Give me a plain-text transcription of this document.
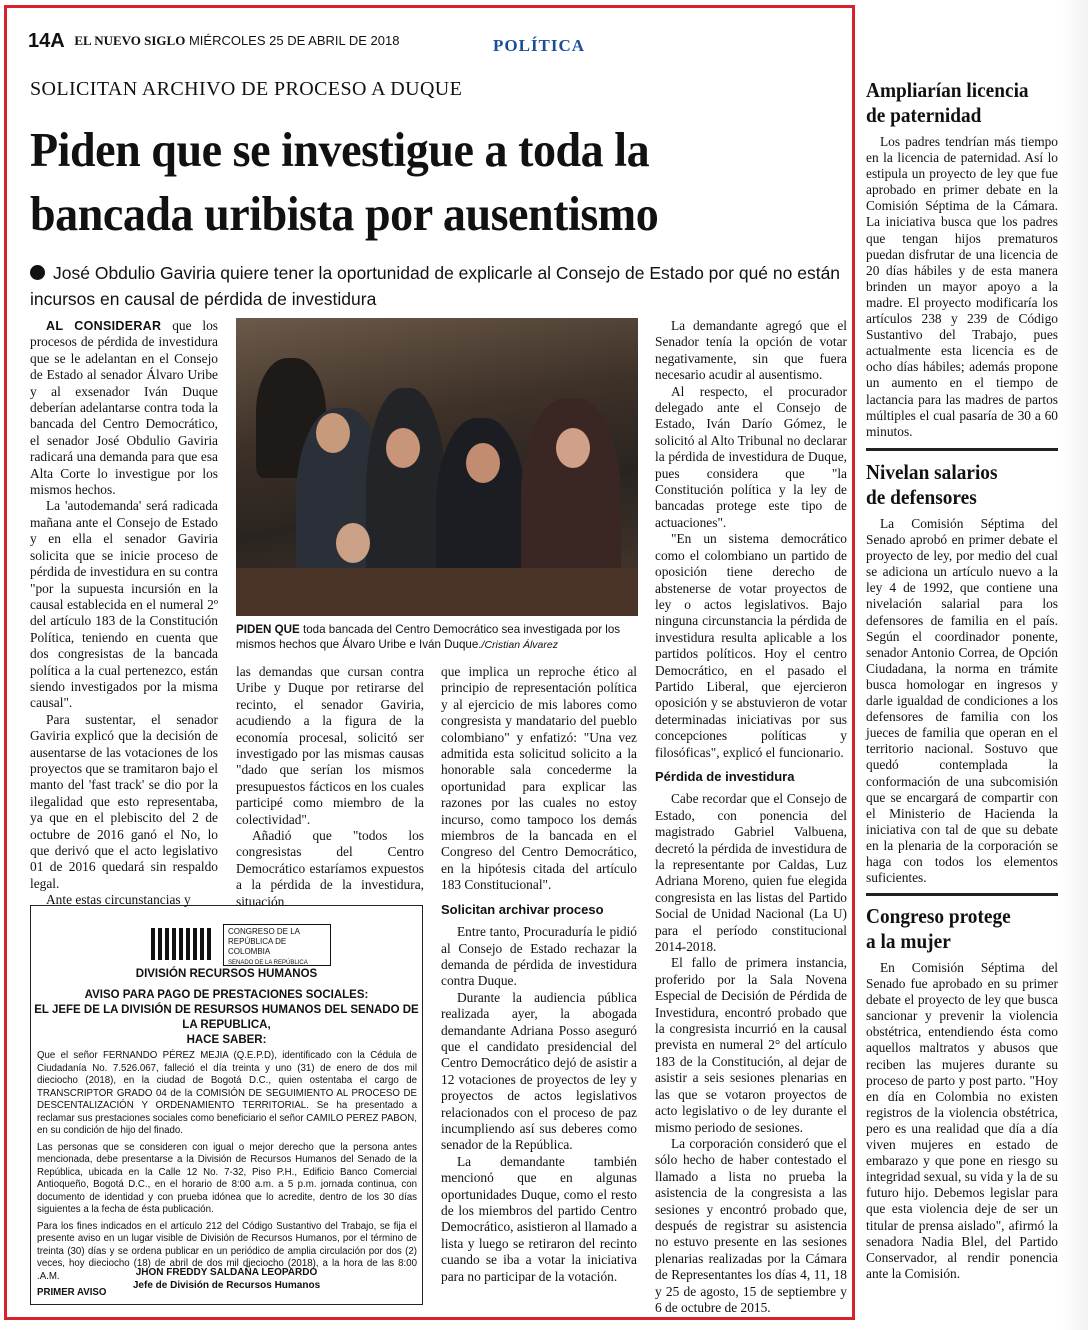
14A EL NUEVO SIGLO MIÉRCOLES 25 DE ABRIL DE 2018	POLÍTICA
SOLICITAN ARCHIVO DE PROCESO A DUQUE
Piden que se investigue a toda la bancada uribista por ausentismo
José Obdulio Gaviria quiere tener la oportunidad de explicarle al Consejo de Estado por qué no están incursos en causal de pérdida de investidura

AL CONSIDERAR que los procesos de pérdida de investidura que se le adelantan en el Consejo de Estado al senador Álvaro Uribe y al exsenador Iván Duque deberían adelantarse contra toda la bancada del Centro Democrático, el senador José Obdulio Gaviria radicará una demanda para que esa Alta Corte lo investigue por los mismos hechos.

La 'autodemanda' será radicada mañana ante el Consejo de Estado y en ella el senador Gaviria solicita que se inicie proceso de pérdida de investidura en su contra "por la supuesta incursión en la causal establecida en el numeral 2º del artículo 183 de la Constitución Política, teniendo en cuenta que dos congresistas de la bancada política a la cual pertenezco, están siendo investigados por la misma causal".

Para sustentar, el senador Gaviria explicó que la decisión de ausentarse de las votaciones de los proyectos que se tramitaron bajo el manto del 'fast track' se dio por la ilegalidad que esto representaba, ya que en el plebiscito del 2 de octubre de 2016 ganó el No, lo que derivó que el acto legislativo 01 de 2016 quedará sin respaldo legal.

Ante estas circunstancias y

PIDEN QUE toda bancada del Centro Democrático sea investigada por los mismos hechos que Álvaro Uribe e Iván Duque./Cristian Álvarez

las demandas que cursan contra Uribe y Duque por retirarse del recinto, el senador Gaviria, acudiendo a la figura de la economía procesal, solicitó ser investigado por las mismas causas "dado que serían los mismos presupuestos fácticos en los cuales participé como miembro de la colectividad".

Añadió que "todos los congresistas del Centro Democrático estaríamos expuestos a la pérdida de la investidura, situación

que implica un reproche ético al principio de representación política y al ejercicio de mis labores como congresista y mandatario del pueblo colombiano" y enfatizó: "Una vez admitida esta solicitud solicito a la honorable sala concederme la oportunidad para explicar las razones por las cuales no estoy incurso, como tampoco los demás miembros de la bancada en el Congreso del Centro Democrático, en la hipótesis citada del artículo 183 Constitucional".

Solicitan archivar proceso

Entre tanto, Procuraduría le pidió al Consejo de Estado rechazar la demanda de pérdida de investidura contra Duque.

Durante la audiencia pública realizada ayer, la abogada demandante Adriana Posso aseguró que el candidato presidencial del Centro Democrático dejó de asistir a 12 votaciones de proyectos de ley y proyectos de actos legislativos relacionados con el proceso de paz incumpliendo así sus deberes como senador de la República.

La demandante también mencionó que en algunas oportunidades Duque, como el resto de los miembros del partido Centro Democrático, asistieron al llamado a lista y luego se retiraron del recinto cuando se iba a votar la iniciativa para no participar de la votación.

La demandante agregó que el Senador tenía la opción de votar negativamente, sin que fuera necesario acudir al ausentismo.

Al respecto, el procurador delegado ante el Consejo de Estado, Iván Darío Gómez, le solicitó al Alto Tribunal no declarar la pérdida de investidura de Duque, pues considera que "la Constitución política y la ley de bancadas protege este tipo de actuaciones".

"En un sistema democrático como el colombiano un partido de oposición tiene derecho de abstenerse de votar proyectos de ley o actos legislativos. Bajo ninguna circunstancia la pérdida de investidura resulta aplicable a los partidos políticos. Hoy el centro Democrático, en el pasado el Partido Liberal, que ejercieron oposición y se abstuvieron de votar determinadas iniciativas por sus concepciones políticas y filosóficas", explicó el funcionario.

Pérdida de investidura

Cabe recordar que el Consejo de Estado, con ponencia del magistrado Gabriel Valbuena, decretó la pérdida de investidura de la representante por Caldas, Luz Adriana Moreno, quien fue elegida congresista en las listas del Partido Social de Unidad Nacional (La U) para el período constitucional 2014-2018.

El fallo de primera instancia, proferido por la Sala Novena Especial de Decisión de Pérdida de Investidura, encontró probado que la congresista incurrió en la causal prevista en numeral 2° del artículo 183 de la Constitución, al dejar de asistir a seis sesiones plenarias en las que se votaron proyectos de acto legislativo o de ley durante el mismo periodo de sesiones.

La corporación consideró que el sólo hecho de haber contestado el llamado a lista no prueba la asistencia de la congresista a las sesiones y encontró probado que, después de registrar su asistencia no estuvo presente en las sesiones plenarias realizadas por la Cámara de Representantes los días 4, 11, 18 y 25 de agosto, 15 de septiembre y 6 de octubre de 2015.

CONGRESO DE LA REPÚBLICA DE COLOMBIA
SENADO DE LA REPÚBLICA
DIVISIÓN RECURSOS HUMANOS
AVISO PARA PAGO DE PRESTACIONES SOCIALES:
EL JEFE DE LA DIVISIÓN DE RESURSOS HUMANOS DEL SENADO DE LA REPUBLICA,
HACE SABER:

Que el señor FERNANDO PÉREZ MEJIA (Q.E.P.D), identificado con la Cédula de Ciudadanía No. 7.526.067, falleció el día treinta y uno (31) de enero de dos mil dieciocho (2018), en la ciudad de Bogotá D.C., quien ostentaba el cargo de TRANSCRIPTOR GRADO 04 de la COMISIÓN DE SEGUIMIENTO AL PROCESO DE DESCENTALIZACIÓN Y ORDENAMIENTO TERRITORIAL. Se ha presentado a reclamar sus prestaciones sociales como beneficiario el señor CAMILO PEREZ PABON, en su condición de hijo del finado.

Las personas que se consideren con igual o mejor derecho que la persona antes mencionada, debe presentarse a la División de Recursos Humanos del Senado de la República, ubicada en la Calle 12 No. 7-32, Piso P.H., Edificio Banco Comercial Antioqueño, Bogotá D.C., en el horario de 8:00 a.m. a 5 p.m. jornada continua, con documento de identidad y con prueba idónea que lo acredite, dentro de los 30 días siguientes a la fecha de ésta publicación.

Para los fines indicados en el artículo 212 del Código Sustantivo del Trabajo, se fija el presente aviso en un lugar visible de División de Recursos Humanos, por el término de treinta (30) días y se ordena publicar en un periódico de amplia circulación por dos (2) veces, hoy dieciocho (18) de abril de dos mil dieciocho (2018), a la hora de las 8:00 .A.M.

PRIMER AVISO

JHON FREDDY SALDAÑA LEOPARDO
Jefe de División de Recursos Humanos
Ampliarían licencia
de paternidad

Los padres tendrían más tiempo en la licencia de paternidad. Así lo estipula un proyecto de ley que fue aprobado en primer debate en la Comisión Séptima de la Cámara. La iniciativa busca que los padres que tengan hijos prematuros puedan disfrutar de una licencia de 20 días hábiles y de esta manera brinden un mayor apoyo a la madre. El proyecto modificaría los artículos 238 y 239 de Código Sustantivo del Trabajo, pues actualmente esta licencia es de ocho días hábiles; además propone un aumento en el tiempo de lactancia para las madres de partos múltiples el cual pasaría de 30 a 60 minutos.

Nivelan salarios
de defensores

La Comisión Séptima del Senado aprobó en primer debate el proyecto de ley, por medio del cual se adiciona un artículo nuevo a la ley 4 de 1992, que contiene una nivelación salarial para los defensores de familia en el país. Según el coordinador ponente, senador Antonio Correa, de Opción Ciudadana, la norma en trámite busca homologar en ingresos y darle igualdad de condiciones a los defensores de familia con los jueces de familia que operan en el territorio nacional. Sostuvo que quedó contemplada la conformación de una subcomisión que se encargará de compartir con el Ministerio de Hacienda la iniciativa con tal de que su debate en la plenaria de la corporación se haga con todos los elementos suficientes.

Congreso protege
a la mujer

En Comisión Séptima del Senado fue aprobado en su primer debate el proyecto de ley que busca sancionar y prevenir la violencia obstétrica, entendiendo ésta como aquellos maltratos y abusos que reciben las mujeres durante su proceso de parto y post parto. "Hoy en día en Colombia no existen registros de la violencia obstétrica, pero es una realidad que día a día viven mujeres en estado de embarazo y que pone en riesgo su integridad sexual, su vida y la de su futuro hijo. Debemos legislar para que esta violencia deje de ser un titular de prensa aislado", afirmó la senadora Nadia Blel, del Partido Conservador, al rendir ponencia ante la Comisión.
